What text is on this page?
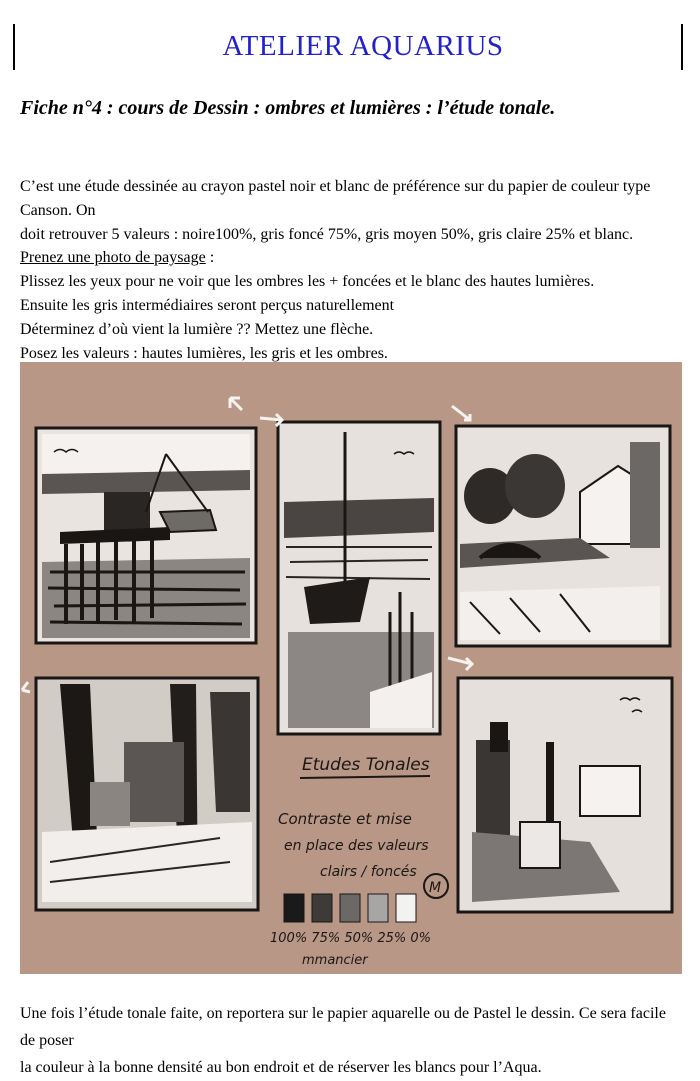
ATELIER AQUARIUS
Fiche n°4 : cours de Dessin : ombres et lumières : l’étude tonale.

C’est une étude dessinée au crayon pastel noir et blanc de préférence sur du papier de couleur type Canson. On

doit retrouver 5 valeurs : noire100%, gris foncé 75%, gris moyen 50%, gris claire 25% et blanc.

Prenez une photo de paysage :

Plissez les yeux pour ne voir que les ombres les + foncées et le blanc des hautes lumières.

Ensuite les gris intermédiaires seront perçus naturellement

Déterminez d’où vient la lumière ?? Mettez une flèche.

Posez les valeurs : hautes lumières, les gris et les ombres.

Etudes Tonales
Contraste et mise
en place des valeurs
clairs / foncés
M
100% 75% 50% 25% 0%
mmancier

Une fois l’étude tonale faite, on reportera sur le papier aquarelle ou de Pastel le dessin. Ce sera facile de poser

la couleur à la bonne densité au bon endroit et de réserver les blancs pour l’Aqua.
